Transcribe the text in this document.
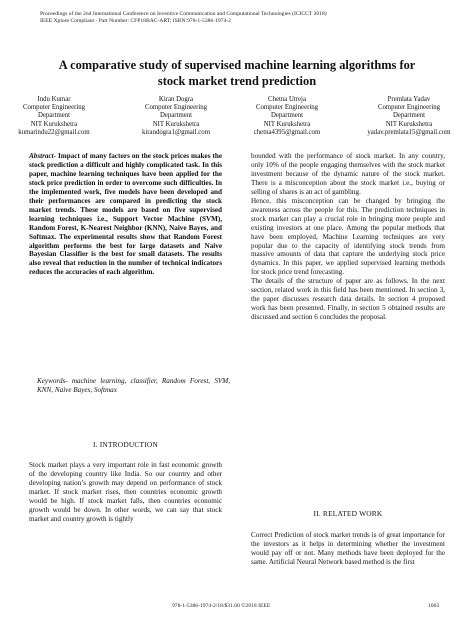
Proceedings of the 2nd International Conference on Inventive Communication and Computational Technologies (ICICCT 2018)
IEEE Xplore Compliant - Part Number: CFP18BAC-ART; ISBN:978-1-5386-1974-2
A comparative study of supervised machine learning algorithms for
stock market trend prediction
Indu Kumar
Computer Engineering
Department
NIT Kurukshetra
kumarindu22@gmail.com
Kiran Dogra
Computer Engineering
Department
NIT Kurukshetra
kirandogra1@gmail.com
Chetna Utreja
Computer Engineering
Department
NIT Kurukshetra
chetna4395@gmail.com
Premlata Yadav
Computer Engineering
Department
NIT Kurukshetra
yadav.premlata15@gmail.com

Abstract- Impact of many factors on the stock prices makes the stock prediction a difficult and highly complicated task. In this paper, machine learning techniques have been applied for the stock price prediction in order to overcome such difficulties. In the implemented work, five models have been developed and their performances are compared in predicting the stock market trends. These models are based on five supervised learning techniques i.e., Support Vector Machine (SVM), Random Forest, K-Nearest Neighbor (KNN), Naive Bayes, and Softmax. The experimental results show that Random Forest algorithm performs the best for large datasets and Naive Bayesian Classifier is the best for small datasets. The results also reveal that reduction in the number of technical indicators reduces the accuracies of each algorithm.

Keywords- machine learning, classifier, Random Forest, SVM, KNN, Naive Bayes, Softmax

I. INTRODUCTION

Stock market plays a very important role in fast economic growth of the developing country like India. So our country and other developing nation’s growth may depend on performance of stock market. If stock market rises, then countries economic growth would be high. If stock market falls, then countries economic growth would be down. In other words, we can say that stock market and country growth is tightly

bounded with the performance of stock market. In any country, only 10% of the people engaging themselves with the stock market investment because of the dynamic nature of the stock market. There is a misconception about the stock market i.e., buying or selling of shares is an act of gambling.

Hence, this misconception can be changed by bringing the awareness across the people for this. The prediction techniques in stock market can play a crucial role in bringing more people and existing investors at one place. Among the popular methods that have been employed, Machine Learning techniques are very popular due to the capacity of identifying stock trends from massive amounts of data that capture the underlying stock price dynamics. In this paper, we applied supervised learning methods for stock price trend forecasting.

The details of the structure of paper are as follows. In the next section, related work in this field has been mentioned. In section 3, the paper discusses research data details. In section 4 proposed work has been presented. Finally, in section 5 obtained results are discussed and section 6 concludes the proposal.

II. RELATED WORK

Correct Prediction of stock market trends is of great importance for the investors as it helps in determining whether the investment would pay off or not. Many methods have been deployed for the same. Artificial Neural Network based method is the first

978-1-5386-1974-2/18/$31.00 ©2018 IEEE	1003
